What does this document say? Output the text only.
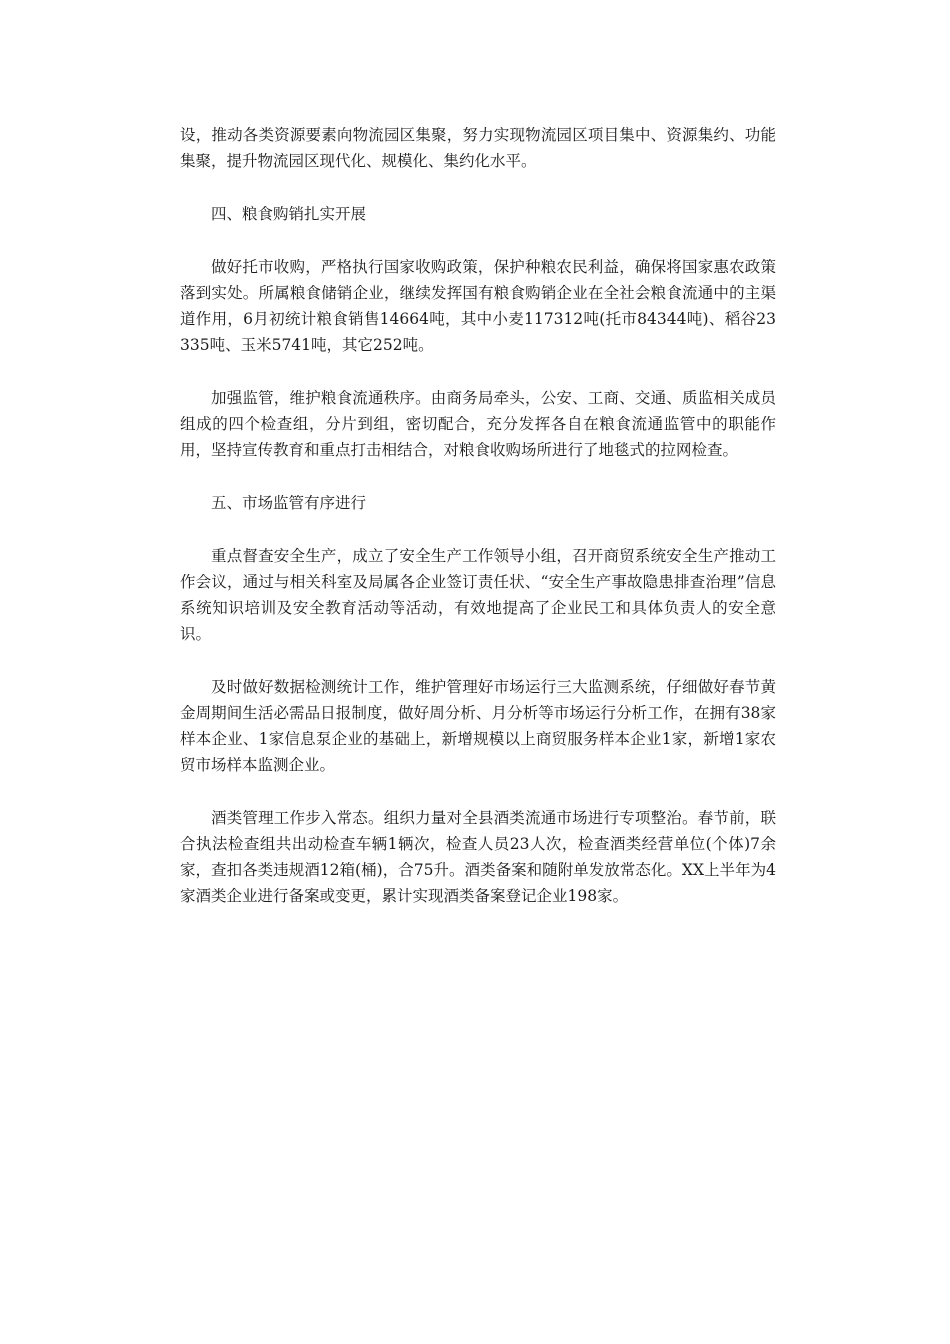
设，推动各类资源要素向物流园区集聚，努力实现物流园区项目集中、资源集约、功能集聚，提升物流园区现代化、规模化、集约化水平。

四、粮食购销扎实开展

做好托市收购，严格执行国家收购政策，保护种粮农民利益，确保将国家惠农政策落到实处。所属粮食储销企业，继续发挥国有粮食购销企业在全社会粮食流通中的主渠道作用，6月初统计粮食销售14664吨，其中小麦117312吨(托市84344吨)、稻谷23335吨、玉米5741吨，其它252吨。

加强监管，维护粮食流通秩序。由商务局牵头，公安、工商、交通、质监相关成员组成的四个检查组，分片到组，密切配合，充分发挥各自在粮食流通监管中的职能作用，坚持宣传教育和重点打击相结合，对粮食收购场所进行了地毯式的拉网检查。

五、市场监管有序进行

重点督查安全生产，成立了安全生产工作领导小组，召开商贸系统安全生产推动工作会议，通过与相关科室及局属各企业签订责任状、“安全生产事故隐患排查治理”信息系统知识培训及安全教育活动等活动，有效地提高了企业民工和具体负责人的安全意识。

及时做好数据检测统计工作，维护管理好市场运行三大监测系统，仔细做好春节黄金周期间生活必需品日报制度，做好周分析、月分析等市场运行分析工作，在拥有38家样本企业、1家信息泵企业的基础上，新增规模以上商贸服务样本企业1家，新增1家农贸市场样本监测企业。

酒类管理工作步入常态。组织力量对全县酒类流通市场进行专项整治。春节前，联合执法检查组共出动检查车辆1辆次，检查人员23人次，检查酒类经营单位(个体)7余家，查扣各类违规酒12箱(桶)，合75升。酒类备案和随附单发放常态化。XX上半年为4家酒类企业进行备案或变更，累计实现酒类备案登记企业198家。
